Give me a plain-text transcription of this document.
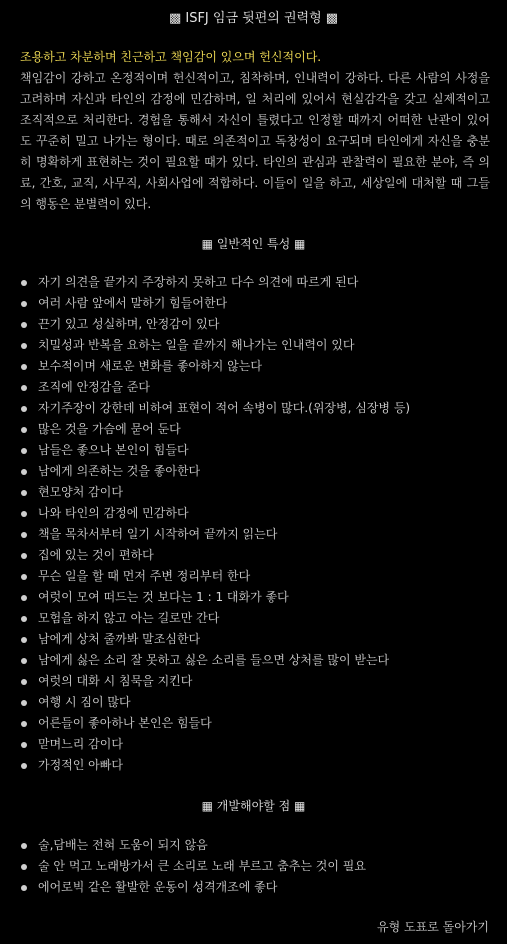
▩ ISFJ 임금 뒷편의 권력형 ▩
조용하고 차분하며 친근하고 책임감이 있으며 헌신적이다.
책임감이 강하고 온정적이며 헌신적이고, 침착하며, 인내력이 강하다. 다른 사람의 사정을 고려하며 자신과 타인의 감정에 민감하며, 일 처리에 있어서 현실감각을 갖고 실제적이고 조직적으로 처리한다. 경험을 통해서 자신이 틀렸다고 인정할 때까지 어떠한 난관이 있어도 꾸준히 밀고 나가는 형이다. 때로 의존적이고 독창성이 요구되며 타인에게 자신을 충분히 명확하게 표현하는 것이 필요할 때가 있다. 타인의 관심과 관찰력이 필요한 분야, 즉 의료, 간호, 교직, 사무직, 사회사업에 적합하다. 이들이 일을 하고, 세상일에 대처할 때 그들의 행동은 분별력이 있다.
▦ 일반적인 특성 ▦
자기 의견을 끝가지 주장하지 못하고 다수 의견에 따르게 된다
여러 사람 앞에서 말하기 힘들어한다
끈기 있고 성실하며, 안정감이 있다
치밀성과 반복을 요하는 일을 끝까지 해나가는 인내력이 있다
보수적이며 새로운 변화를 좋아하지 않는다
조직에 안정감을 준다
자기주장이 강한데 비하여 표현이 적어 속병이 많다.(위장병, 심장병 등)
많은 것을 가슴에 묻어 둔다
남들은 좋으나 본인이 힘들다
남에게 의존하는 것을 좋아한다
현모양처 감이다
나와 타인의 감정에 민감하다
책을 목차서부터 일기 시작하여 끝까지 읽는다
집에 있는 것이 편하다
무슨 일을 할 때 먼저 주변 정리부터 한다
여럿이 모여 떠드는 것 보다는 1 : 1 대화가 좋다
모험을 하지 않고 아는 길로만 간다
남에게 상처 줄까봐 말조심한다
남에게 싫은 소리 잘 못하고 싫은 소리를 들으면 상처를 많이 받는다
여럿의 대화 시 침묵을 지킨다
여행 시 짐이 많다
어른들이 좋아하나 본인은 힘들다
맏며느리 감이다
가정적인 아빠다
▦ 개발해야할 점 ▦
술,담배는 전혀 도움이 되지 않음
술 안 먹고 노래방가서 큰 소리로 노래 부르고 춤추는 것이 필요
에어로빅 같은 활발한 운동이 성격개조에 좋다
유형 도표로 돌아가기
